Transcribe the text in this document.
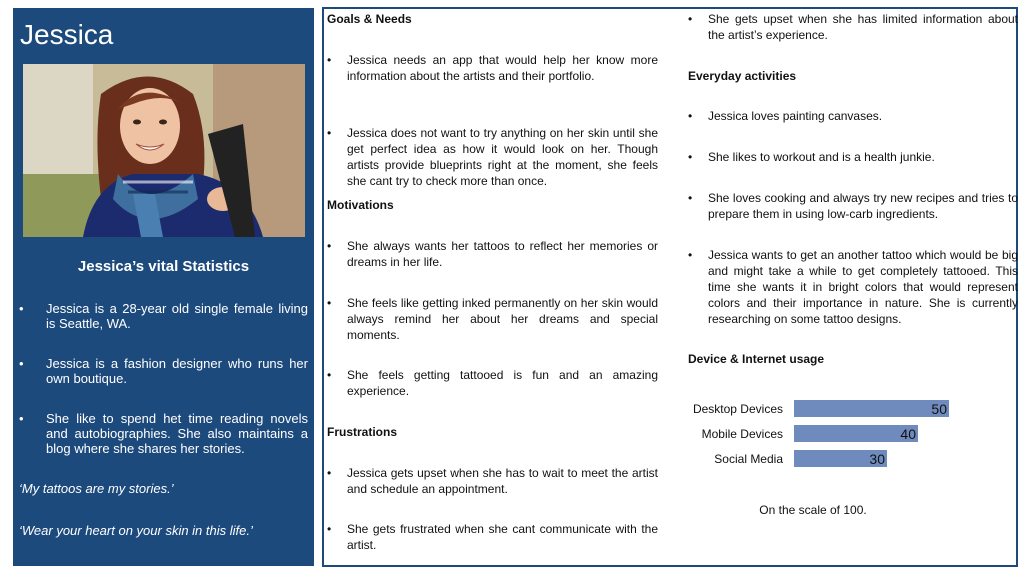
Jessica
Jessica’s vital Statistics
• Jessica is a 28-year old single female living is Seattle, WA.
• Jessica is a fashion designer who runs her own boutique.
• She like to spend het time reading novels and autobiographies. She also maintains a blog where she shares her stories.
‘My tattoos are my stories.’
‘Wear your heart on your skin in this life.’
Goals & Needs
• Jessica needs an app that would help her know more information about the artists and their portfolio.
• Jessica does not want to try anything on her skin until she get perfect idea as how it would look on her. Though artists provide blueprints right at the moment, she feels she cant try to check more than once.
Motivations
• She always wants her tattoos to reflect her memories or dreams in her life.
• She feels like getting inked permanently on her skin would always remind her about her dreams and special moments.
• She feels getting tattooed is fun and an amazing experience.
Frustrations
• Jessica gets upset when she has to wait to meet the artist and schedule an appointment.
• She gets frustrated when she cant communicate with the artist.
• She gets upset when she has limited information about the artist’s experience.
Everyday activities
• Jessica loves painting canvases.
• She likes to workout and is a health junkie.
• She loves cooking and always try new recipes and tries to prepare them in using low-carb ingredients.
• Jessica wants to get an another tattoo which would be big and might take a while to get completely tattooed. This time she wants it in bright colors that would represent colors and their importance in nature. She is currently researching on some tattoo designs.
Device & Internet usage
Desktop Devices	50
Mobile Devices	40
Social Media	30
On the scale of 100.
